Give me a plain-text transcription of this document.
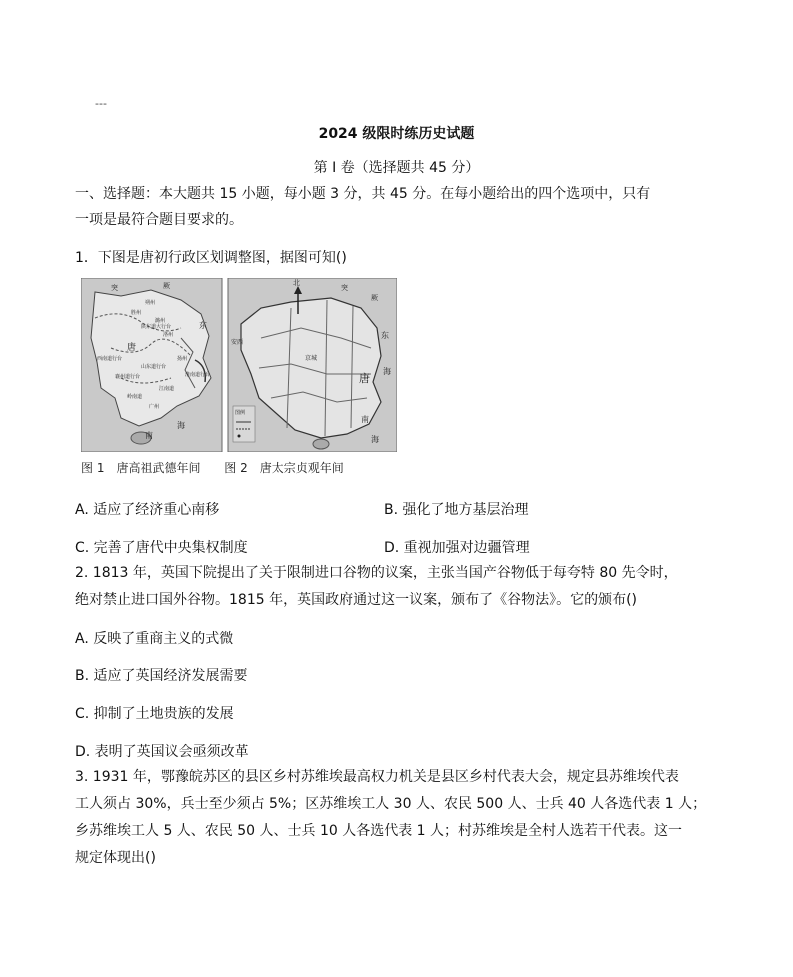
---
2024 级限时练历史试题
第 I 卷（选择题共 45 分）
一、选择题：本大题共 15 小题，每小题 3 分，共 45 分。在每小题给出的四个选项中，只有
一项是最符合题目要求的。
1．下图是唐初行政区划调整图，据图可知()
突	厥
东
唐
南
海
朔州
胜州
潞州
洛州
扬州
广州
江南道
岭南道
西南道行台
陕东道大行台
山东道行台
襄州道行台	淮南道行台
北
突
厥
东
海
唐
南
海
安西
京城
图例
图 1　唐高祖武德年间 图 2　唐太宗贞观年间
A. 适应了经济重心南移	B. 强化了地方基层治理
C. 完善了唐代中央集权制度	D. 重视加强对边疆管理
2. 1813 年，英国下院提出了关于限制进口谷物的议案，主张当国产谷物低于每夸特 80 先令时，
绝对禁止进口国外谷物。1815 年，英国政府通过这一议案，颁布了《谷物法》。它的颁布()
A. 反映了重商主义的式微
B. 适应了英国经济发展需要
C. 抑制了土地贵族的发展
D. 表明了英国议会亟须改革
3. 1931 年，鄂豫皖苏区的县区乡村苏维埃最高权力机关是县区乡村代表大会，规定县苏维埃代表
工人须占 30%，兵士至少须占 5%；区苏维埃工人 30 人、农民 500 人、士兵 40 人各选代表 1 人；
乡苏维埃工人 5 人、农民 50 人、士兵 10 人各选代表 1 人；村苏维埃是全村人选若干代表。这一
规定体现出()
